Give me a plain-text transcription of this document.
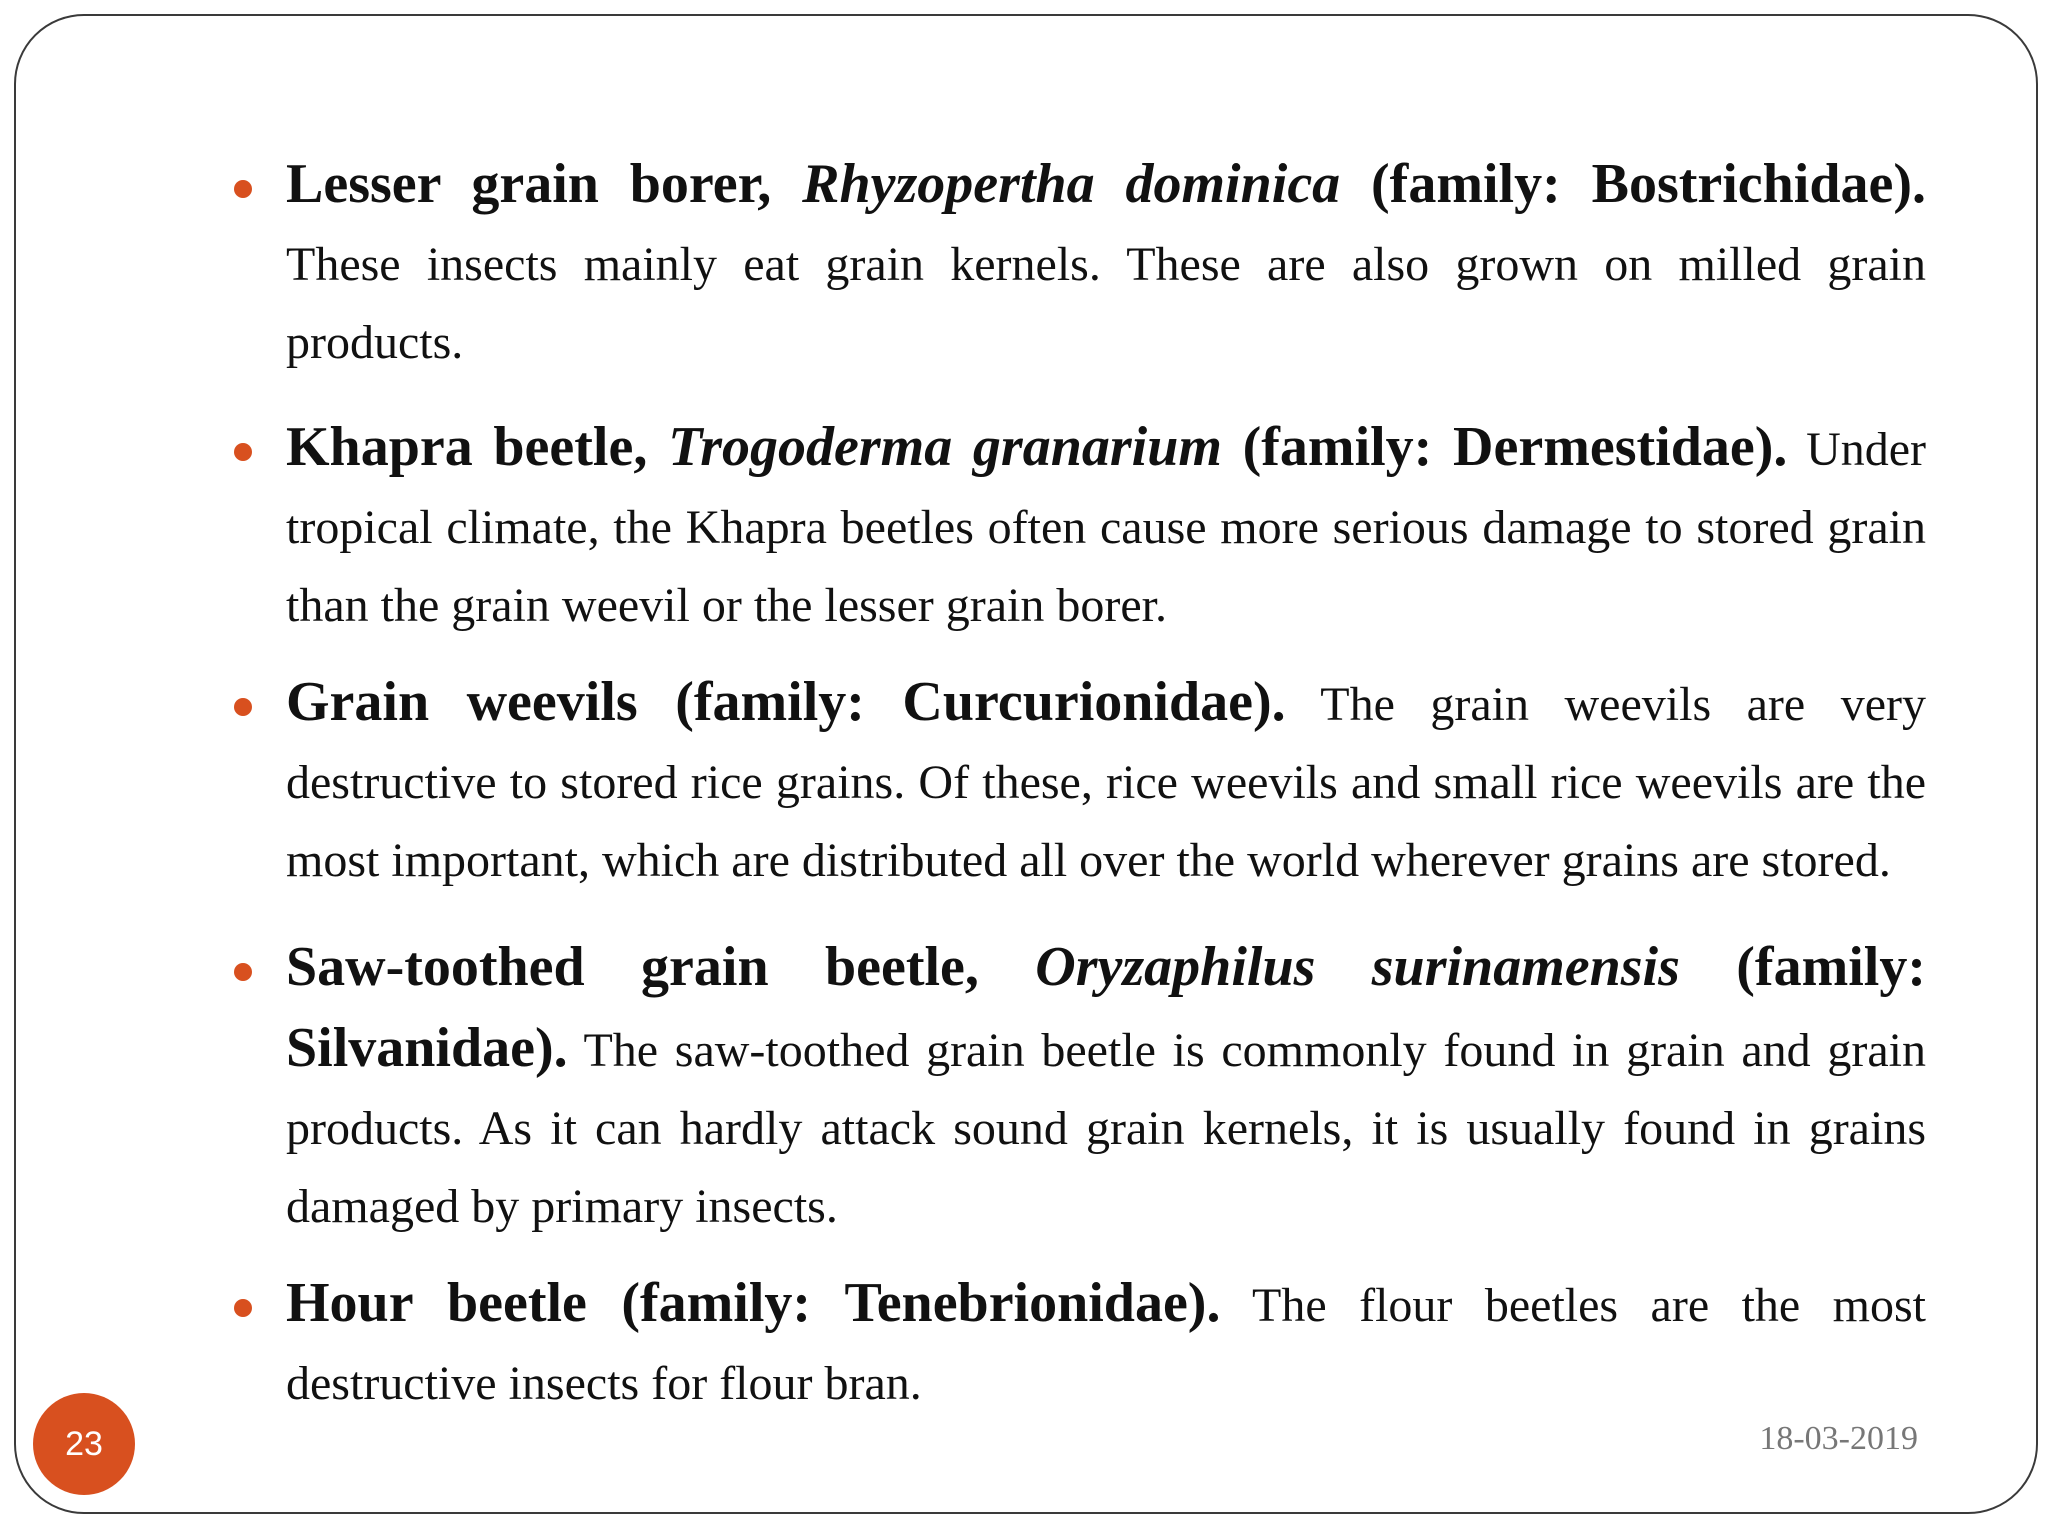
Lesser grain borer, Rhyzopertha dominica (family: Bostrichidae). These insects mainly eat grain kernels. These are also grown on milled grain products.

Khapra beetle, Trogoderma granarium (family: Dermestidae). Under tropical climate, the Khapra beetles often cause more serious damage to stored grain than the grain weevil or the lesser grain borer.

Grain weevils (family: Curcurionidae). The grain weevils are very destructive to stored rice grains. Of these, rice weevils and small rice weevils are the most important, which are distributed all over the world wherever grains are stored.

Saw-toothed grain beetle, Oryzaphilus surinamensis (family: Silvanidae). The saw-toothed grain beetle is commonly found in grain and grain products. As it can hardly attack sound grain kernels, it is usually found in grains damaged by primary insects.

Hour beetle (family: Tenebrionidae). The flour beetles are the most destructive insects for flour bran.

23	18-03-2019
